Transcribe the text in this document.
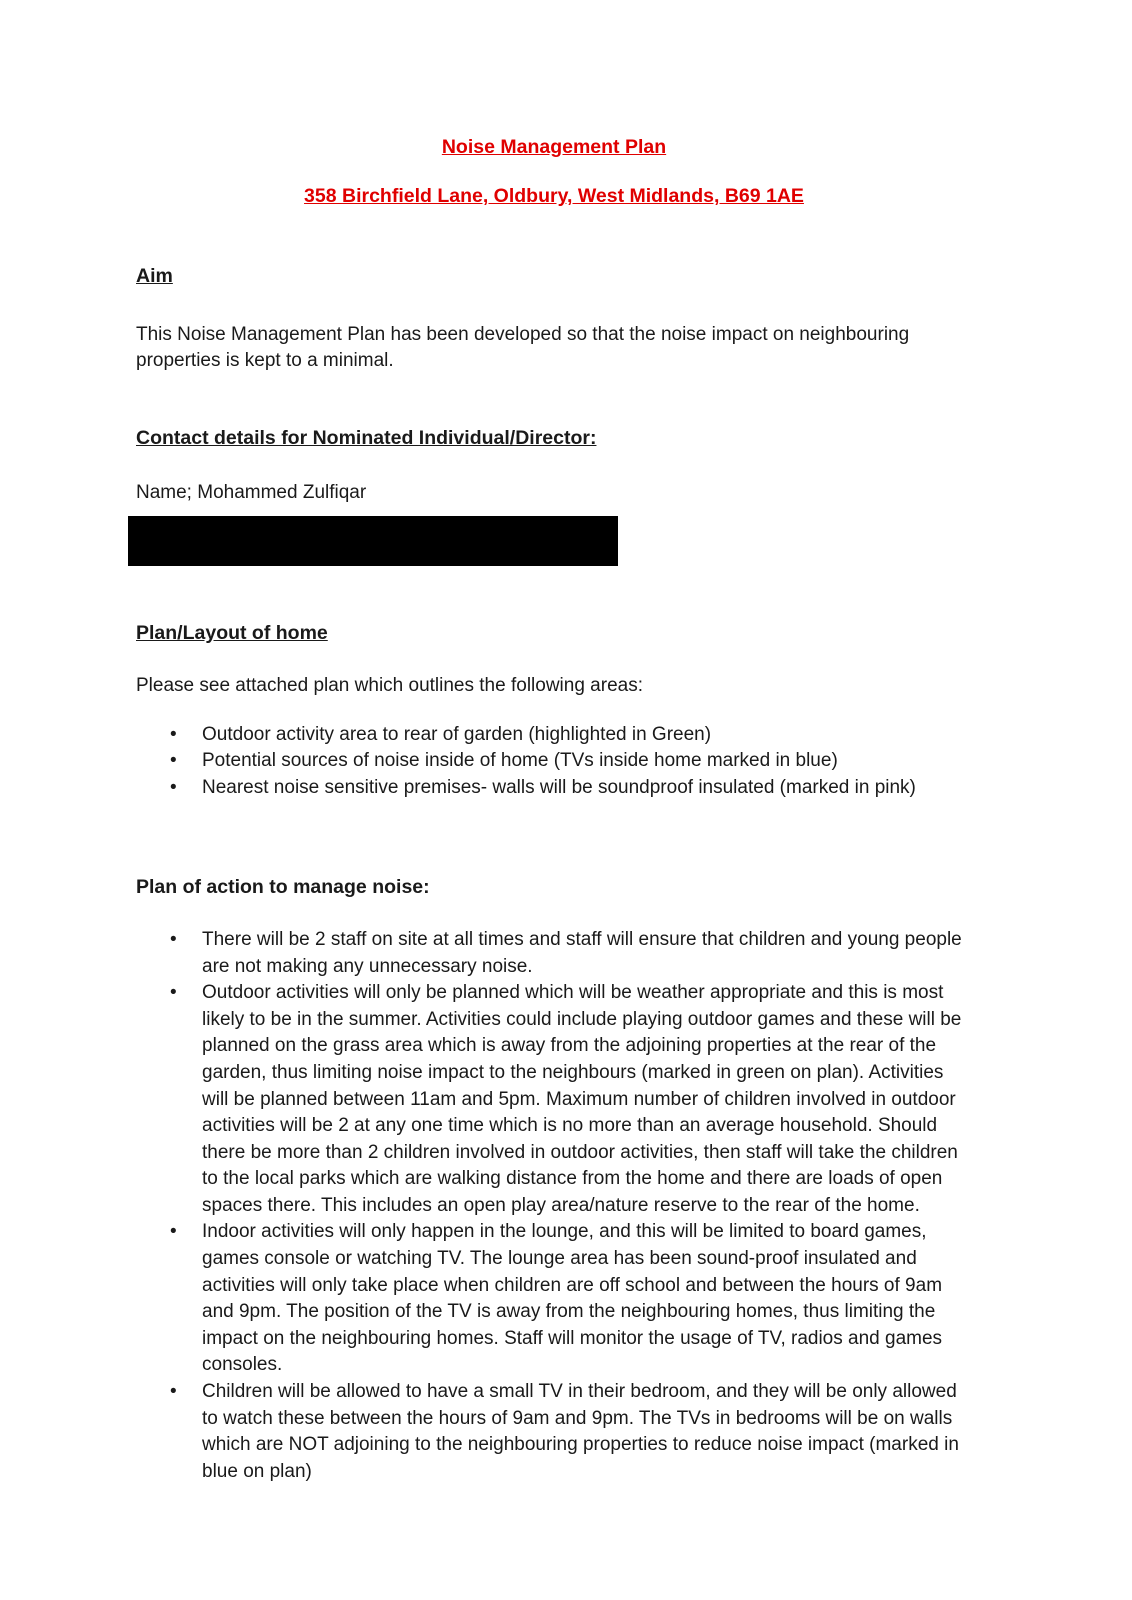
Noise Management Plan
358 Birchfield Lane, Oldbury, West Midlands, B69 1AE
Aim
This Noise Management Plan has been developed so that the noise impact on neighbouring properties is kept to a minimal.
Contact details for Nominated Individual/Director:
Name; Mohammed Zulfiqar
Plan/Layout of home
Please see attached plan which outlines the following areas:
• Outdoor activity area to rear of garden (highlighted in Green)
• Potential sources of noise inside of home (TVs inside home marked in blue)
• Nearest noise sensitive premises- walls will be soundproof insulated (marked in pink)
Plan of action to manage noise:
• There will be 2 staff on site at all times and staff will ensure that children and young people are not making any unnecessary noise.
• Outdoor activities will only be planned which will be weather appropriate and this is most likely to be in the summer. Activities could include playing outdoor games and these will be planned on the grass area which is away from the adjoining properties at the rear of the garden, thus limiting noise impact to the neighbours (marked in green on plan). Activities will be planned between 11am and 5pm. Maximum number of children involved in outdoor activities will be 2 at any one time which is no more than an average household. Should there be more than 2 children involved in outdoor activities, then staff will take the children to the local parks which are walking distance from the home and there are loads of open spaces there. This includes an open play area/nature reserve to the rear of the home.
• Indoor activities will only happen in the lounge, and this will be limited to board games, games console or watching TV. The lounge area has been sound-proof insulated and activities will only take place when children are off school and between the hours of 9am and 9pm. The position of the TV is away from the neighbouring homes, thus limiting the impact on the neighbouring homes. Staff will monitor the usage of TV, radios and games consoles.
• Children will be allowed to have a small TV in their bedroom, and they will be only allowed to watch these between the hours of 9am and 9pm. The TVs in bedrooms will be on walls which are NOT adjoining to the neighbouring properties to reduce noise impact (marked in blue on plan)
